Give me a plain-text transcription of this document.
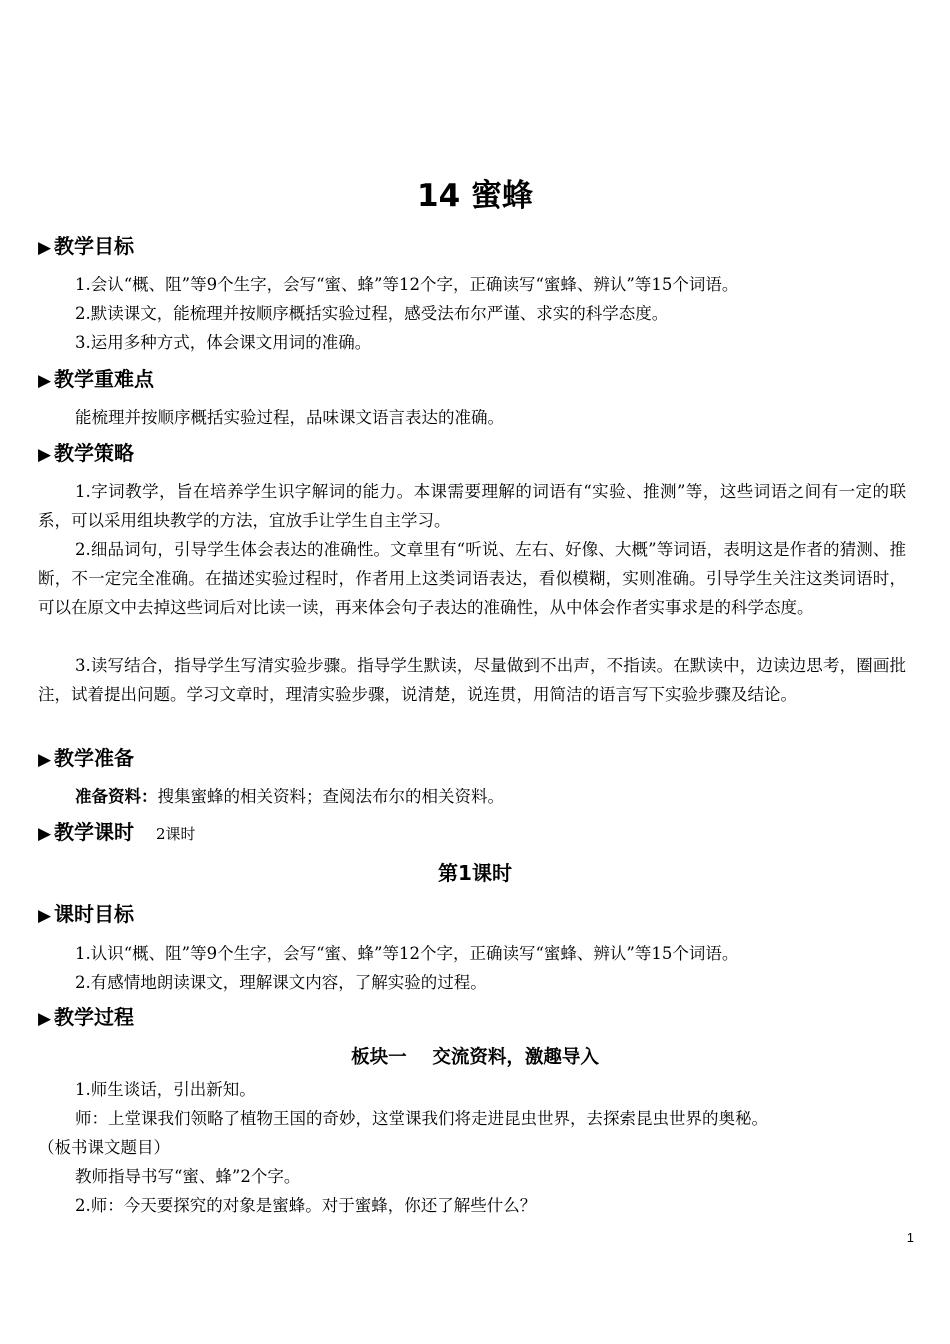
14 蜜蜂
▶ 教学目标
1.会认“概、阻”等9个生字，会写“蜜、蜂”等12个字，正确读写“蜜蜂、辨认”等15个词语。
2.默读课文，能梳理并按顺序概括实验过程，感受法布尔严谨、求实的科学态度。
3.运用多种方式，体会课文用词的准确。
▶ 教学重难点
能梳理并按顺序概括实验过程，品味课文语言表达的准确。
▶ 教学策略
1.字词教学，旨在培养学生识字解词的能力。本课需要理解的词语有“实验、推测”等，这些词语之间有一定的联系，可以采用组块教学的方法，宜放手让学生自主学习。
2.细品词句，引导学生体会表达的准确性。文章里有“听说、左右、好像、大概”等词语，表明这是作者的猜测、推断，不一定完全准确。在描述实验过程时，作者用上这类词语表达，看似模糊，实则准确。引导学生关注这类词语时，可以在原文中去掉这些词后对比读一读，再来体会句子表达的准确性，从中体会作者实事求是的科学态度。
3.读写结合，指导学生写清实验步骤。指导学生默读，尽量做到不出声，不指读。在默读中，边读边思考，圈画批注，试着提出问题。学习文章时，理清实验步骤，说清楚，说连贯，用简洁的语言写下实验步骤及结论。
▶ 教学准备
准备资料：搜集蜜蜂的相关资料；查阅法布尔的相关资料。
▶ 教学课时 2课时
第1课时
▶ 课时目标
1.认识“概、阻”等9个生字，会写“蜜、蜂”等12个字，正确读写“蜜蜂、辨认”等15个词语。
2.有感情地朗读课文，理解课文内容，了解实验的过程。
▶ 教学过程
板块一    交流资料，激趣导入
1.师生谈话，引出新知。
师：上堂课我们领略了植物王国的奇妙，这堂课我们将走进昆虫世界，去探索昆虫世界的奥秘。
（板书课文题目）
教师指导书写“蜜、蜂”2个字。
2.师：今天要探究的对象是蜜蜂。对于蜜蜂，你还了解些什么？
1
